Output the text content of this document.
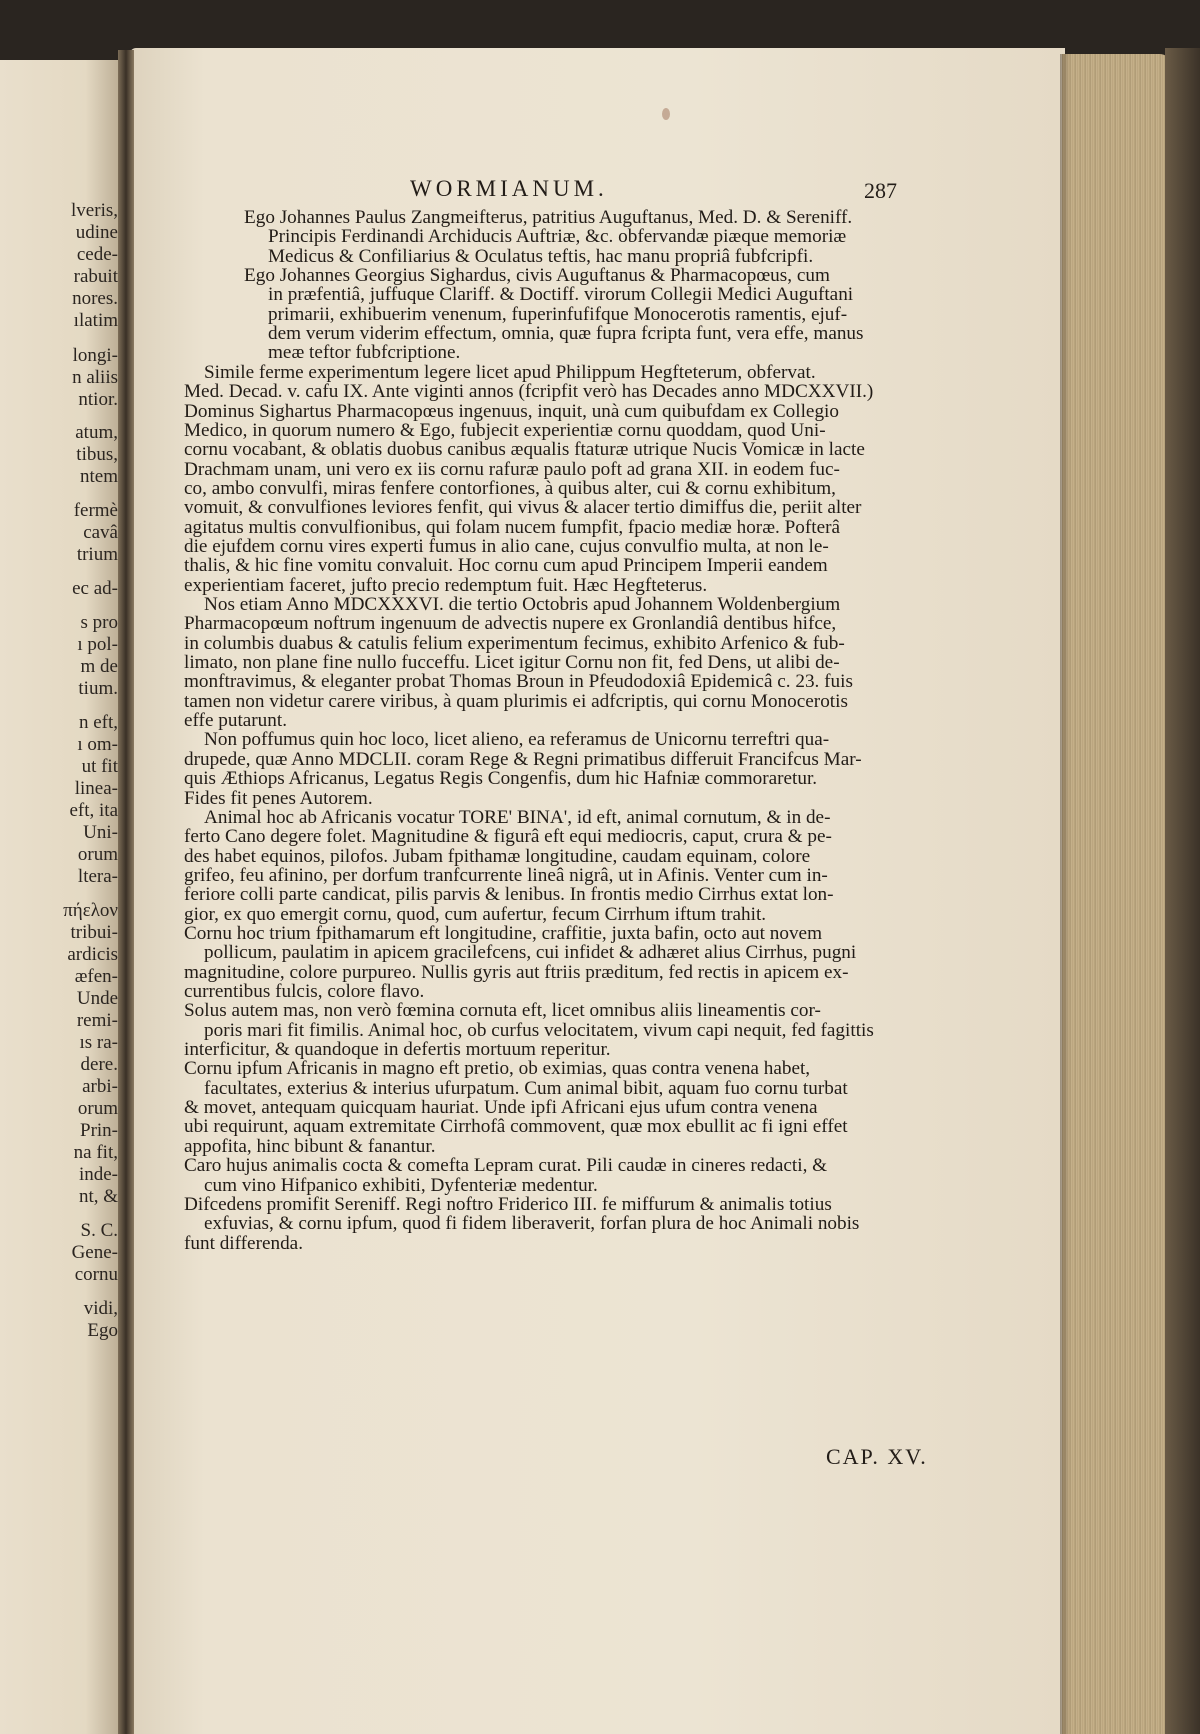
lveris,
udine
cede-
rabuit
nores.
ılatim
longi-
n aliis
ntior.
atum,
tibus,
ntem
fermè
cavâ
trium
ec ad-
s pro
ı pol-
m de
tium.
n eft,
ı om-
ut fit
linea-
eft, ita
Uni-
orum
ltera-
πήελον
tribui-
ardicis
æfen-
Unde
remi-
ıs ra-
dere.
arbi-
orum
Prin-
na fit,
inde-
nt, &
S. C.
Gene-
cornu
vidi,
Ego
WORMIANUM.	287
Ego Johannes Paulus Zangmeifterus, patritius Auguftanus, Med. D. & Sereniff.
Principis Ferdinandi Archiducis Auftriæ, &c. obfervandæ piæque memoriæ
Medicus & Confiliarius & Oculatus teftis, hac manu propriâ fubfcripfi.
Ego Johannes Georgius Sighardus, civis Auguftanus & Pharmacopœus, cum
in præfentiâ, juffuque Clariff. & Doctiff. virorum Collegii Medici Auguftani
primarii, exhibuerim venenum, fuperinfufifque Monocerotis ramentis, ejuf-
dem verum viderim effectum, omnia, quæ fupra fcripta funt, vera effe, manus
meæ teftor fubfcriptione.
Simile ferme experimentum legere licet apud Philippum Hegfteterum, obfervat.
Med. Decad. v. cafu IX. Ante viginti annos (fcripfit verò has Decades anno MDCXXVII.)
Dominus Sighartus Pharmacopœus ingenuus, inquit, unà cum quibufdam ex Collegio
Medico, in quorum numero & Ego, fubjecit experientiæ cornu quoddam, quod Uni-
cornu vocabant, & oblatis duobus canibus æqualis ftaturæ utrique Nucis Vomicæ in lacte
Drachmam unam, uni vero ex iis cornu rafuræ paulo poft ad grana XII. in eodem fuc-
co, ambo convulfi, miras fenfere contorfiones, à quibus alter, cui & cornu exhibitum,
vomuit, & convulfiones leviores fenfit, qui vivus & alacer tertio dimiffus die, periit alter
agitatus multis convulfionibus, qui folam nucem fumpfit, fpacio mediæ horæ. Pofterâ
die ejufdem cornu vires experti fumus in alio cane, cujus convulfio multa, at non le-
thalis, & hic fine vomitu convaluit. Hoc cornu cum apud Principem Imperii eandem
experientiam faceret, jufto precio redemptum fuit. Hæc Hegfteterus.
Nos etiam Anno MDCXXXVI. die tertio Octobris apud Johannem Woldenbergium
Pharmacopœum noftrum ingenuum de advectis nupere ex Gronlandiâ dentibus hifce,
in columbis duabus & catulis felium experimentum fecimus, exhibito Arfenico & fub-
limato, non plane fine nullo fucceffu. Licet igitur Cornu non fit, fed Dens, ut alibi de-
monftravimus, & eleganter probat Thomas Broun in Pfeudodoxiâ Epidemicâ c. 23. fuis
tamen non videtur carere viribus, à quam plurimis ei adfcriptis, qui cornu Monocerotis
effe putarunt.
Non poffumus quin hoc loco, licet alieno, ea referamus de Unicornu terreftri qua-
drupede, quæ Anno MDCLII. coram Rege & Regni primatibus differuit Francifcus Mar-
quis Æthiops Africanus, Legatus Regis Congenfis, dum hic Hafniæ commoraretur.
Fides fit penes Autorem.
Animal hoc ab Africanis vocatur TORE' BINA', id eft, animal cornutum, & in de-
ferto Cano degere folet. Magnitudine & figurâ eft equi mediocris, caput, crura & pe-
des habet equinos, pilofos. Jubam fpithamæ longitudine, caudam equinam, colore
grifeo, feu afinino, per dorfum tranfcurrente lineâ nigrâ, ut in Afinis. Venter cum in-
feriore colli parte candicat, pilis parvis & lenibus. In frontis medio Cirrhus extat lon-
gior, ex quo emergit cornu, quod, cum aufertur, fecum Cirrhum iftum trahit.
Cornu hoc trium fpithamarum eft longitudine, craffitie, juxta bafin, octo aut novem
pollicum, paulatim in apicem gracilefcens, cui infidet & adhæret alius Cirrhus, pugni
magnitudine, colore purpureo. Nullis gyris aut ftriis præditum, fed rectis in apicem ex-
currentibus fulcis, colore flavo.
Solus autem mas, non verò fœmina cornuta eft, licet omnibus aliis lineamentis cor-
poris mari fit fimilis. Animal hoc, ob curfus velocitatem, vivum capi nequit, fed fagittis
interficitur, & quandoque in defertis mortuum reperitur.
Cornu ipfum Africanis in magno eft pretio, ob eximias, quas contra venena habet,
facultates, exterius & interius ufurpatum. Cum animal bibit, aquam fuo cornu turbat
& movet, antequam quicquam hauriat. Unde ipfi Africani ejus ufum contra venena
ubi requirunt, aquam extremitate Cirrhofâ commovent, quæ mox ebullit ac fi igni effet
appofita, hinc bibunt & fanantur.
Caro hujus animalis cocta & comefta Lepram curat. Pili caudæ in cineres redacti, &
cum vino Hifpanico exhibiti, Dyfenteriæ medentur.
Difcedens promifit Sereniff. Regi noftro Friderico III. fe miffurum & animalis totius
exfuvias, & cornu ipfum, quod fi fidem liberaverit, forfan plura de hoc Animali nobis
funt differenda.
CAP. XV.
